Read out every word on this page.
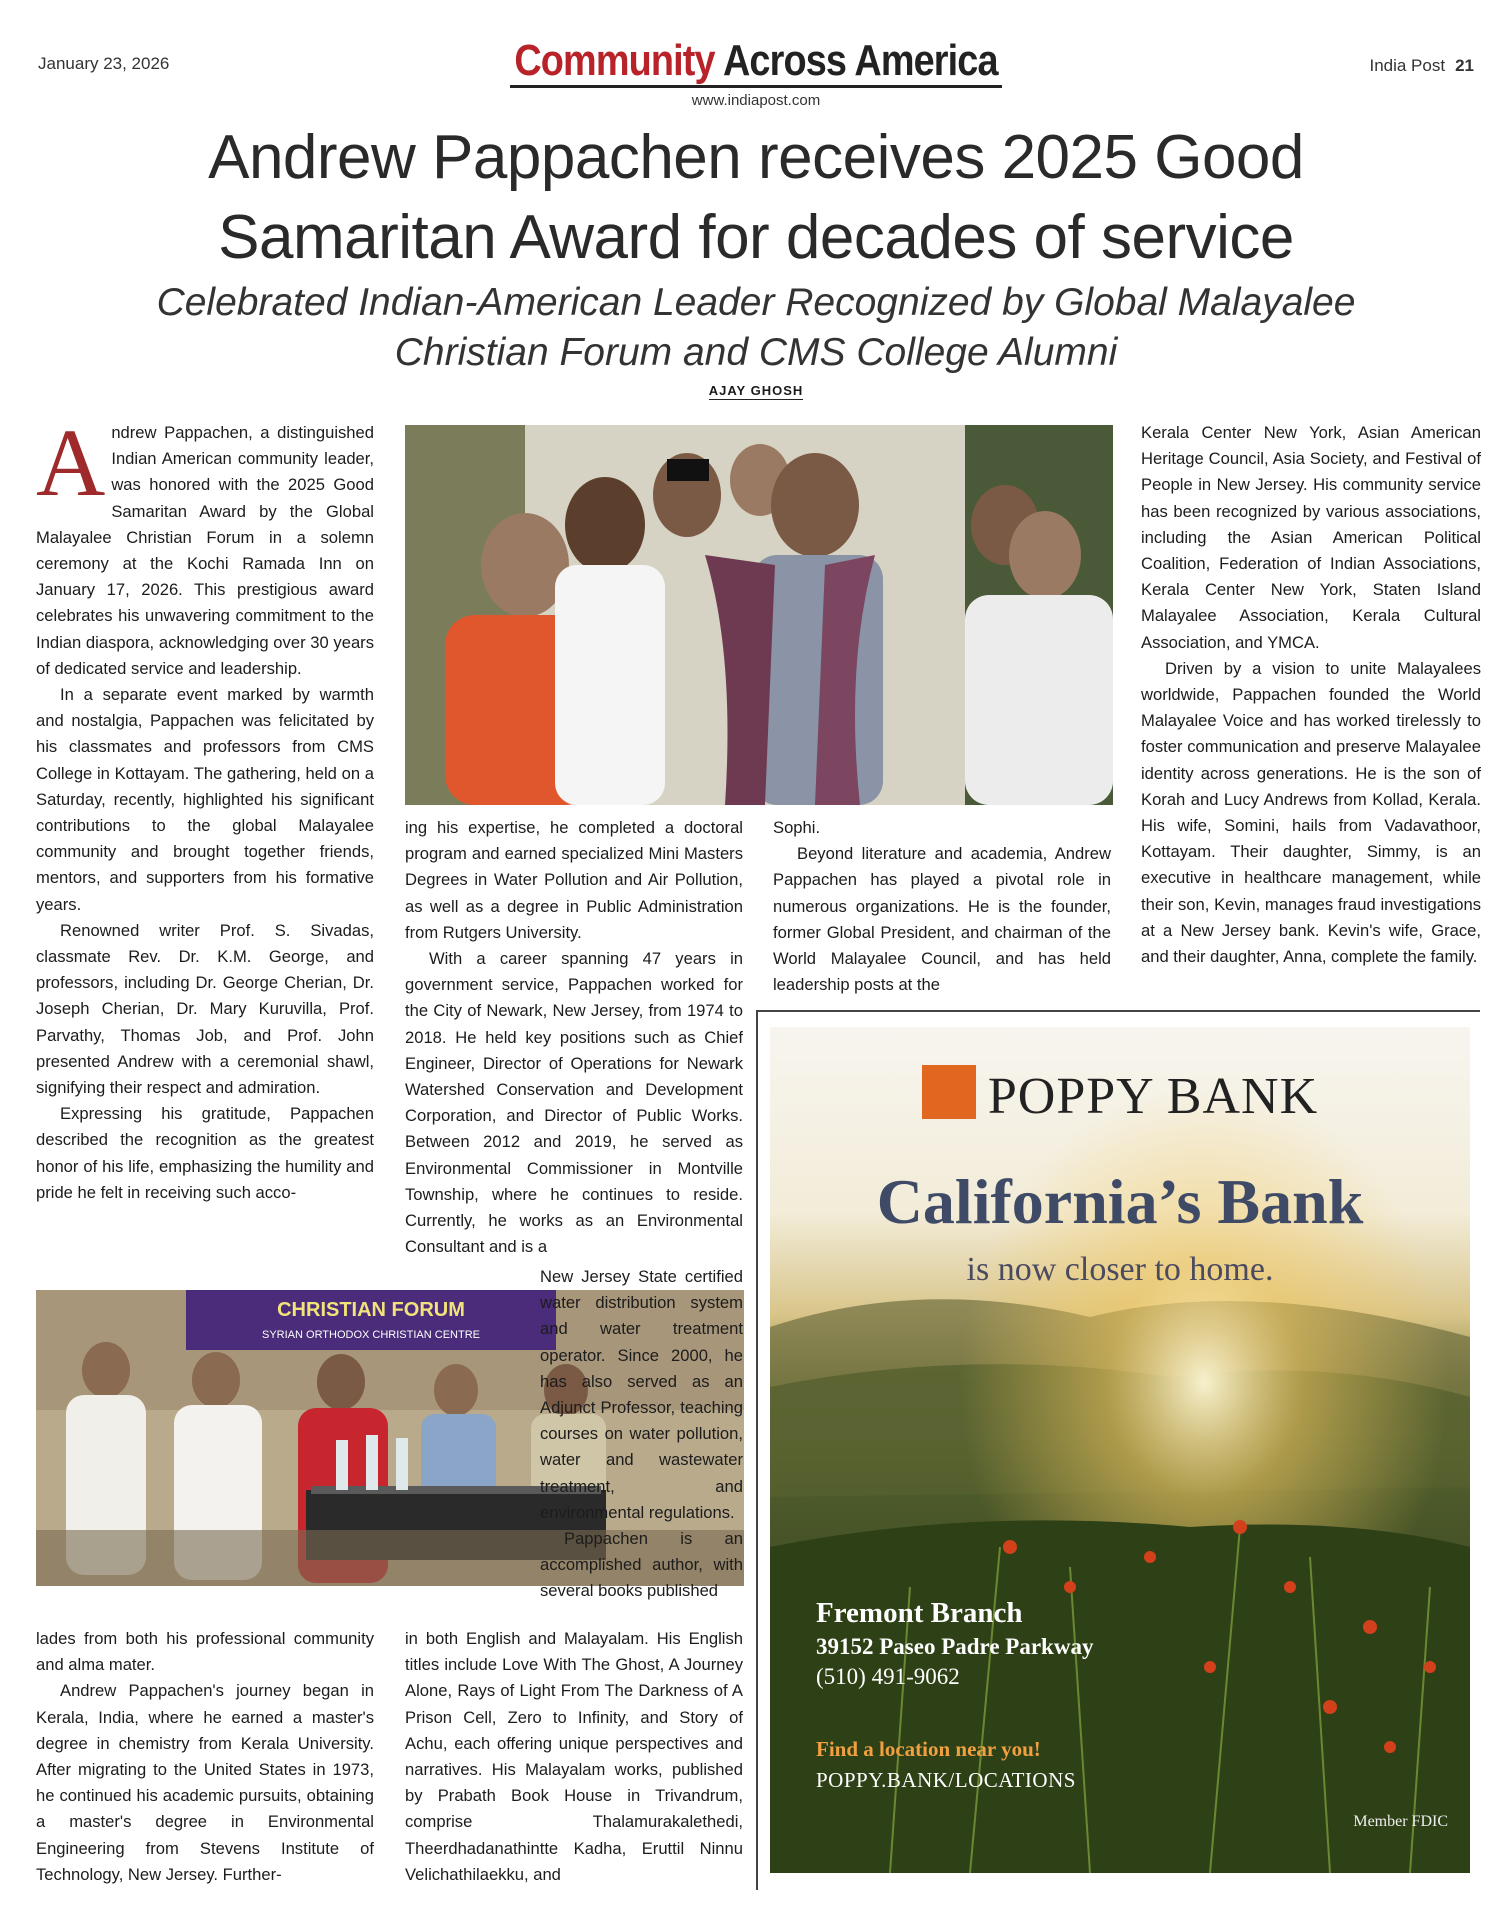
January 23, 2026	Community Across America
www.indiapost.com
India Post 21
Andrew Pappachen receives 2025 Good
Samaritan Award for decades of service
Celebrated Indian-American Leader Recognized by Global Malayalee
Christian Forum and CMS College Alumni
AJAY GHOSH

Andrew Pappachen, a distinguished Indian American community leader, was honored with the 2025 Good Samaritan Award by the Global Malayalee Christian Forum in a solemn ceremony at the Kochi Ramada Inn on January 17, 2026. This prestigious award celebrates his unwavering commitment to the Indian diaspora, acknowledging over 30 years of dedicated service and leadership.

In a separate event marked by warmth and nostalgia, Pappachen was felicitated by his classmates and professors from CMS College in Kottayam. The gathering, held on a Saturday, recently, highlighted his significant contributions to the global Malayalee community and brought together friends, mentors, and supporters from his formative years.

Renowned writer Prof. S. Sivadas, classmate Rev. Dr. K.M. George, and professors, including Dr. George Cherian, Dr. Joseph Cherian, Dr. Mary Kuruvilla, Prof. Parvathy, Thomas Job, and Prof. John presented Andrew with a ceremonial shawl, signifying their respect and admiration.

Expressing his gratitude, Pappachen described the recognition as the greatest honor of his life, emphasizing the humility and pride he felt in receiving such acco-

CHRISTIAN FORUM
SYRIAN ORTHODOX CHRISTIAN CENTRE

lades from both his professional community and alma mater.

Andrew Pappachen's journey began in Kerala, India, where he earned a master's degree in chemistry from Kerala University. After migrating to the United States in 1973, he continued his academic pursuits, obtaining a master's degree in Environmental Engineering from Stevens Institute of Technology, New Jersey. Further-

ing his expertise, he completed a doctoral program and earned specialized Mini Masters Degrees in Water Pollution and Air Pollution, as well as a degree in Public Administration from Rutgers University.

With a career spanning 47 years in government service, Pappachen worked for the City of Newark, New Jersey, from 1974 to 2018. He held key positions such as Chief Engineer, Director of Operations for Newark Watershed Conservation and Development Corporation, and Director of Public Works. Between 2012 and 2019, he served as Environmental Commissioner in Montville Township, where he continues to reside. Currently, he works as an Environmental Consultant and is a

New Jersey State certified water distribution system and water treatment operator. Since 2000, he has also served as an Adjunct Professor, teaching courses on water pollution, water and wastewater treatment, and environmental regulations.

Pappachen is an accomplished author, with several books published

in both English and Malayalam. His English titles include Love With The Ghost, A Journey Alone, Rays of Light From The Darkness of A Prison Cell, Zero to Infinity, and Story of Achu, each offering unique perspectives and narratives. His Malayalam works, published by Prabath Book House in Trivandrum, comprise Thalamurakalethedi, Theerdhadanathintte Kadha, Eruttil Ninnu Velichathilaekku, and

Sophi.

Beyond literature and academia, Andrew Pappachen has played a pivotal role in numerous organizations. He is the founder, former Global President, and chairman of the World Malayalee Council, and has held leadership posts at the

Kerala Center New York, Asian American Heritage Council, Asia Society, and Festival of People in New Jersey. His community service has been recognized by various associations, including the Asian American Political Coalition, Federation of Indian Associations, Kerala Center New York, Staten Island Malayalee Association, Kerala Cultural Association, and YMCA.

Driven by a vision to unite Malayalees worldwide, Pappachen founded the World Malayalee Voice and has worked tirelessly to foster communication and preserve Malayalee identity across generations. He is the son of Korah and Lucy Andrews from Kollad, Kerala. His wife, Somini, hails from Vadavathoor, Kottayam. Their daughter, Simmy, is an executive in healthcare management, while their son, Kevin, manages fraud investigations at a New Jersey bank. Kevin's wife, Grace, and their daughter, Anna, complete the family.

POPPY BANK
California’s Bank
is now closer to home.
Fremont Branch
39152 Paseo Padre Parkway
(510) 491-9062
Find a location near you!
POPPY.BANK/LOCATIONS
Member FDIC
